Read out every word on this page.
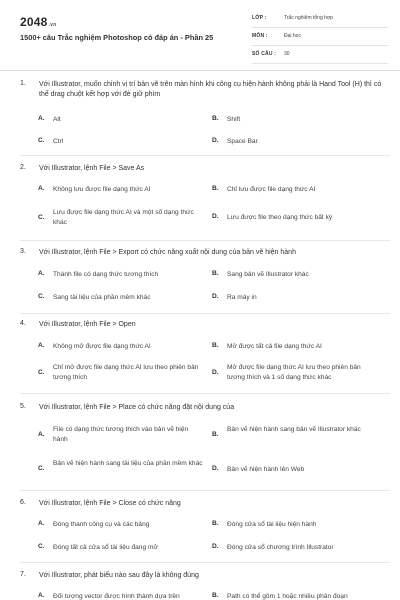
2048.vn
1500+ câu Trắc nghiệm Photoshop có đáp án - Phần 25
LỚP :	Trắc nghiệm tổng hợp
MÔN :	Đại học
SỐ CÂU : 30
1. Với Illustrator, muốn chỉnh vị trí bản vẽ trên màn hình khi công cụ hiện hành không phải là Hand Tool (H) thì có thể drag chuột kết hợp với đè giữ phím
A. Alt	B. Shift
C. Ctrl	D. Space Bar
2. Với Illustrator, lệnh File > Save As
A. Không lưu được file dạng thức AI	B. Chỉ lưu được file dạng thức AI
C.
Lưu được file dạng thức AI và một số dạng thức khác
D. Lưu được file theo dạng thức bất kỳ
3. Với Illustrator, lệnh File > Export có chức năng xuất nội dung của bản vẽ hiện hành
A. Thành file có dạng thức tương thích	B. Sang bản vẽ Illustrator khác
C. Sang tài liệu của phần mềm khác	D. Ra máy in
4. Với Illustrator, lệnh File > Open
A. Không mở được file dạng thức AI	B. Mở được tất cả file dạng thức AI
C.
Chỉ mở được file dạng thức AI lưu theo phiên bản tương thích
D.
Mở được file dạng thức AI lưu theo phiên bản tương thích và 1 số dạng thức khác
5. Với Illustrator, lệnh File > Place có chức năng đặt nội dung của
A.
File có dạng thức tương thích vào bản vẽ hiện hành
B.
Bản vẽ hiện hành sang bản vẽ Illustrator khác
C.
Bản vẽ hiện hành sang tài liệu của phần mềm khác
D. Bản vẽ hiện hành lên Web
6. Với Illustrator, lệnh File > Close có chức năng
A. Đóng thanh công cụ và các bảng	B. Đóng cửa sổ tài liệu hiện hành
C. Đóng tất cả cửa sổ tài liệu đang mở	D. Đóng cửa sổ chương trình Illustrator
7. Với Illustrator, phát biểu nào sau đây là không đúng
A. Đối tượng vector được hình thành dựa trên	B. Path có thể gồm 1 hoặc nhiều phân đoạn
